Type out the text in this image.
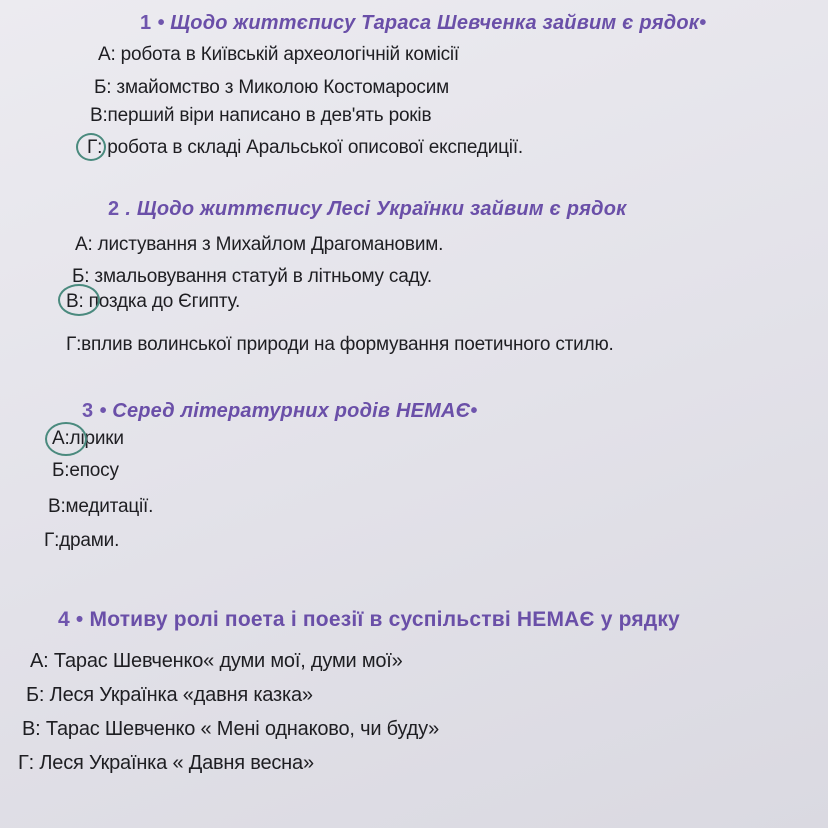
1 • Щодо життєпису Тараса Шевченка зайвим є рядок•
А: робота в Київській археологічній комісії
Б: змайомство з Миколою Костомаросим
В:перший віри написано в дев'ять років
Г: робота в складі Аральської описової експедиції.
2 . Щодо життєпису Лесі Українки зайвим є рядок
А: листування з Михайлом Драгомановим.
Б: змальовування статуй в літньому саду.
В: поздка до Єгипту.
Г:вплив волинської природи на формування поетичного стилю.
3 • Серед літературних родів НЕМАЄ•
А:лірики
Б:епосу
В:медитації.
Г:драми.
4 • Мотиву ролі поета і поезії в суспільстві НЕМАЄ у рядку
А: Тарас Шевченко« думи мої, думи мої»
Б: Леся Українка «давня казка»
В: Тарас Шевченко « Мені однаково, чи буду»
Г: Леся Українка « Давня весна»
